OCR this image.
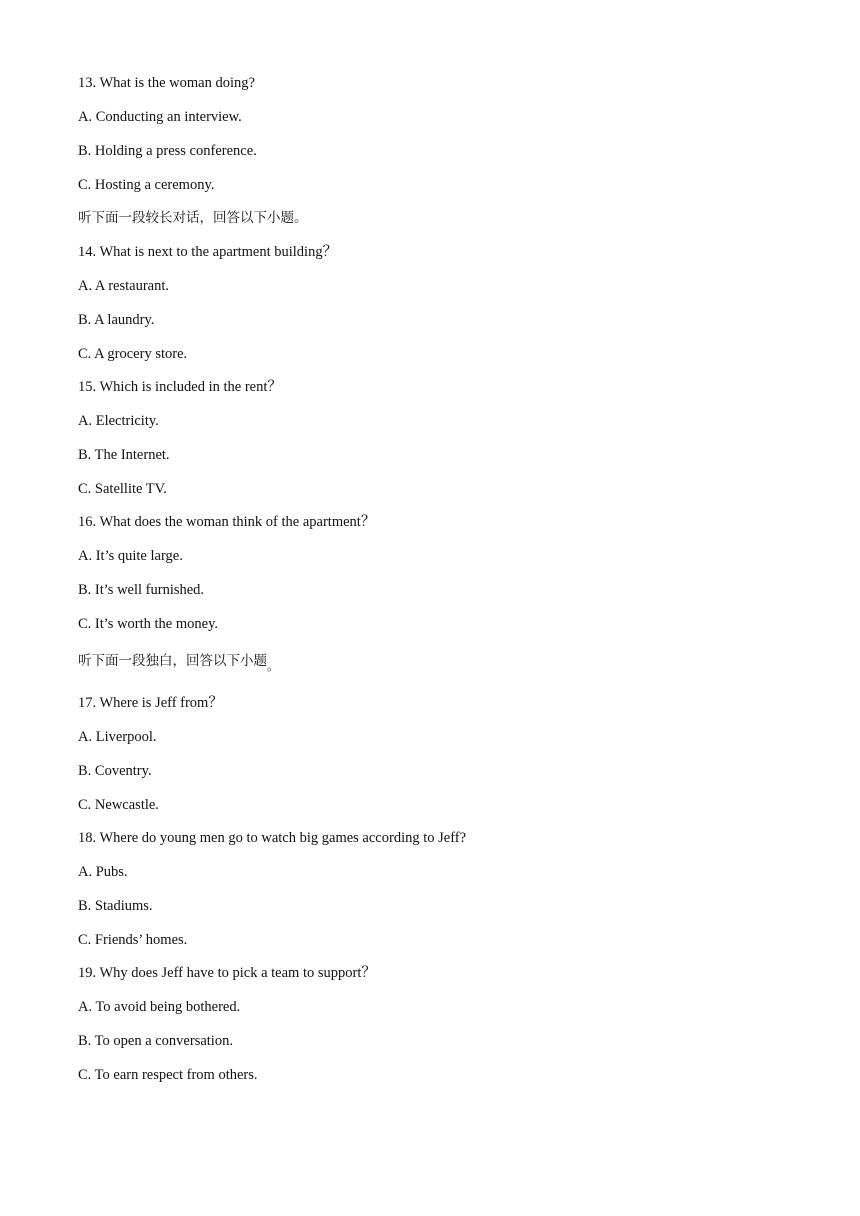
13. What is the woman doing?
A. Conducting an interview.
B. Holding a press conference.
C. Hosting a ceremony.
听下面一段较长对话，回答以下小题。
14. What is next to the apartment building？
A. A restaurant.
B. A laundry.
C. A grocery store.
15. Which is included in the rent？
A. Electricity.
B. The Internet.
C. Satellite TV.
16. What does the woman think of the apartment？
A. It’s quite large.
B. It’s well furnished.
C. It’s worth the money.
听下面一段独白，回答以下小题。
17. Where is Jeff from？
A. Liverpool.
B. Coventry.
C. Newcastle.
18. Where do young men go to watch big games according to Jeff?
A. Pubs.
B. Stadiums.
C. Friends’ homes.
19. Why does Jeff have to pick a team to support？
A. To avoid being bothered.
B. To open a conversation.
C. To earn respect from others.
